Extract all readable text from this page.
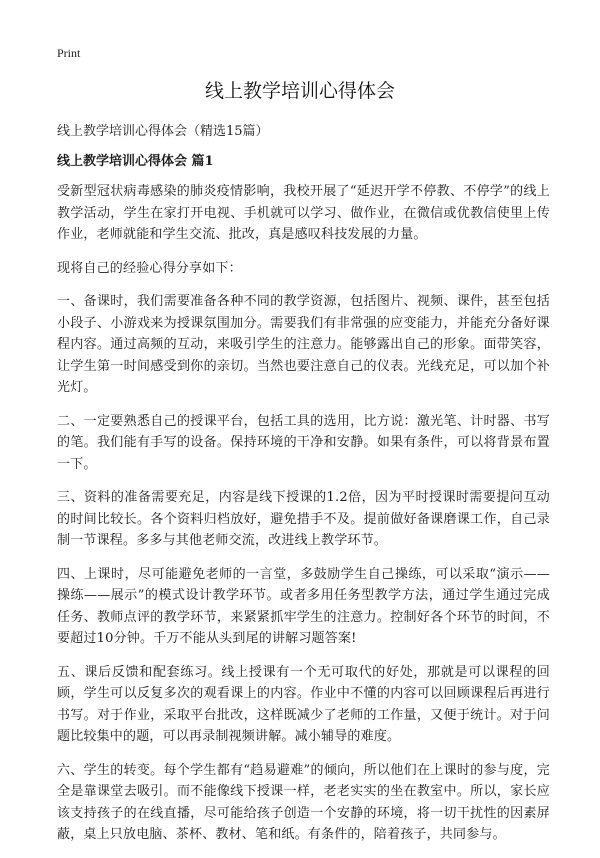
Print
线上教学培训心得体会

线上教学培训心得体会（精选15篇）

线上教学培训心得体会 篇1

受新型冠状病毒感染的肺炎疫情影响，我校开展了“延迟开学不停教、不停学”的线上教学活动，学生在家打开电视、手机就可以学习、做作业，在微信或优教信使里上传作业，老师就能和学生交流、批改，真是感叹科技发展的力量。

现将自己的经验心得分享如下：

一、备课时，我们需要准备各种不同的教学资源，包括图片、视频、课件，甚至包括小段子、小游戏来为授课氛围加分。需要我们有非常强的应变能力，并能充分备好课程内容。通过高频的互动，来吸引学生的注意力。能够露出自己的形象。面带笑容，让学生第一时间感受到你的亲切。当然也要注意自己的仪表。光线充足，可以加个补光灯。

二、一定要熟悉自己的授课平台，包括工具的选用，比方说：激光笔、计时器、书写的笔。我们能有手写的设备。保持环境的干净和安静。如果有条件，可以将背景布置一下。

三、资料的准备需要充足，内容是线下授课的1.2倍，因为平时授课时需要提问互动的时间比较长。各个资料归档放好，避免措手不及。提前做好备课磨课工作，自己录制一节课程。多多与其他老师交流，改进线上教学环节。

四、上课时，尽可能避免老师的一言堂，多鼓励学生自己操练，可以采取“演示——操练——展示”的模式设计教学环节。或者多用任务型教学方法，通过学生通过完成任务、教师点评的教学环节，来紧紧抓牢学生的注意力。控制好各个环节的时间，不要超过10分钟。千万不能从头到尾的讲解习题答案!

五、课后反馈和配套练习。线上授课有一个无可取代的好处，那就是可以课程的回顾，学生可以反复多次的观看课上的内容。作业中不懂的内容可以回顾课程后再进行书写。对于作业，采取平台批改，这样既减少了老师的工作量，又便于统计。对于问题比较集中的题，可以再录制视频讲解。减小辅导的难度。

六、学生的转变。每个学生都有“趋易避难”的倾向，所以他们在上课时的参与度，完全是靠课堂去吸引。而不能像线下授课一样，老老实实的坐在教室中。所以，家长应该支持孩子的在线直播，尽可能给孩子创造一个安静的环境，将一切干扰性的因素屏蔽，桌上只放电脑、茶杯、教材、笔和纸。有条件的，陪着孩子，共同参与。
